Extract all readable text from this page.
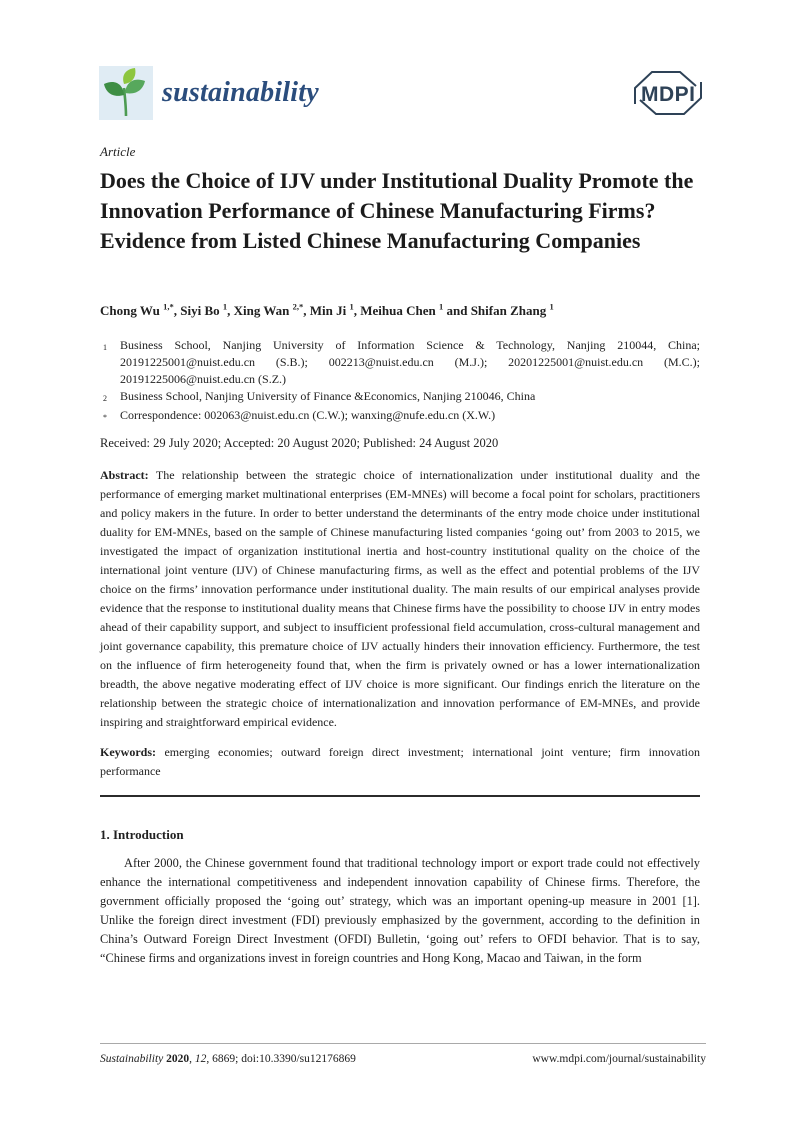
sustainability	MDPI
Article
Does the Choice of IJV under Institutional Duality Promote the Innovation Performance of Chinese Manufacturing Firms? Evidence from Listed Chinese Manufacturing Companies
Chong Wu $^{1,*}$, Siyi Bo $^1$, Xing Wan $^{2,*}$, Min Ji $^1$, Meihua Chen $^1$ and Shifan Zhang $^1$
1	Business School, Nanjing University of Information Science & Technology, Nanjing 210044, China; 20191225001@nuist.edu.cn (S.B.); 002213@nuist.edu.cn (M.J.); 20201225001@nuist.edu.cn (M.C.); 20191225006@nuist.edu.cn (S.Z.)
2	Business School, Nanjing University of Finance &Economics, Nanjing 210046, China
*	Correspondence: 002063@nuist.edu.cn (C.W.); wanxing@nufe.edu.cn (X.W.)
Received: 29 July 2020; Accepted: 20 August 2020; Published: 24 August 2020

Abstract: The relationship between the strategic choice of internationalization under institutional duality and the performance of emerging market multinational enterprises (EM-MNEs) will become a focal point for scholars, practitioners and policy makers in the future. In order to better understand the determinants of the entry mode choice under institutional duality for EM-MNEs, based on the sample of Chinese manufacturing listed companies ‘going out’ from 2003 to 2015, we investigated the impact of organization institutional inertia and host-country institutional quality on the choice of the international joint venture (IJV) of Chinese manufacturing firms, as well as the effect and potential problems of the IJV choice on the firms’ innovation performance under institutional duality. The main results of our empirical analyses provide evidence that the response to institutional duality means that Chinese firms have the possibility to choose IJV in entry modes ahead of their capability support, and subject to insufficient professional field accumulation, cross-cultural management and joint governance capability, this premature choice of IJV actually hinders their innovation efficiency. Furthermore, the test on the influence of firm heterogeneity found that, when the firm is privately owned or has a lower internationalization breadth, the above negative moderating effect of IJV choice is more significant. Our findings enrich the literature on the relationship between the strategic choice of internationalization and innovation performance of EM-MNEs, and provide inspiring and straightforward empirical evidence.

Keywords: emerging economies; outward foreign direct investment; international joint venture; firm innovation performance

1. Introduction

After 2000, the Chinese government found that traditional technology import or export trade could not effectively enhance the international competitiveness and independent innovation capability of Chinese firms. Therefore, the government officially proposed the ‘going out’ strategy, which was an important opening-up measure in 2001 [1]. Unlike the foreign direct investment (FDI) previously emphasized by the government, according to the definition in China’s Outward Foreign Direct Investment (OFDI) Bulletin, ‘going out’ refers to OFDI behavior. That is to say, “Chinese firms and organizations invest in foreign countries and Hong Kong, Macao and Taiwan, in the form

Sustainability 2020, 12, 6869; doi:10.3390/su12176869	www.mdpi.com/journal/sustainability
